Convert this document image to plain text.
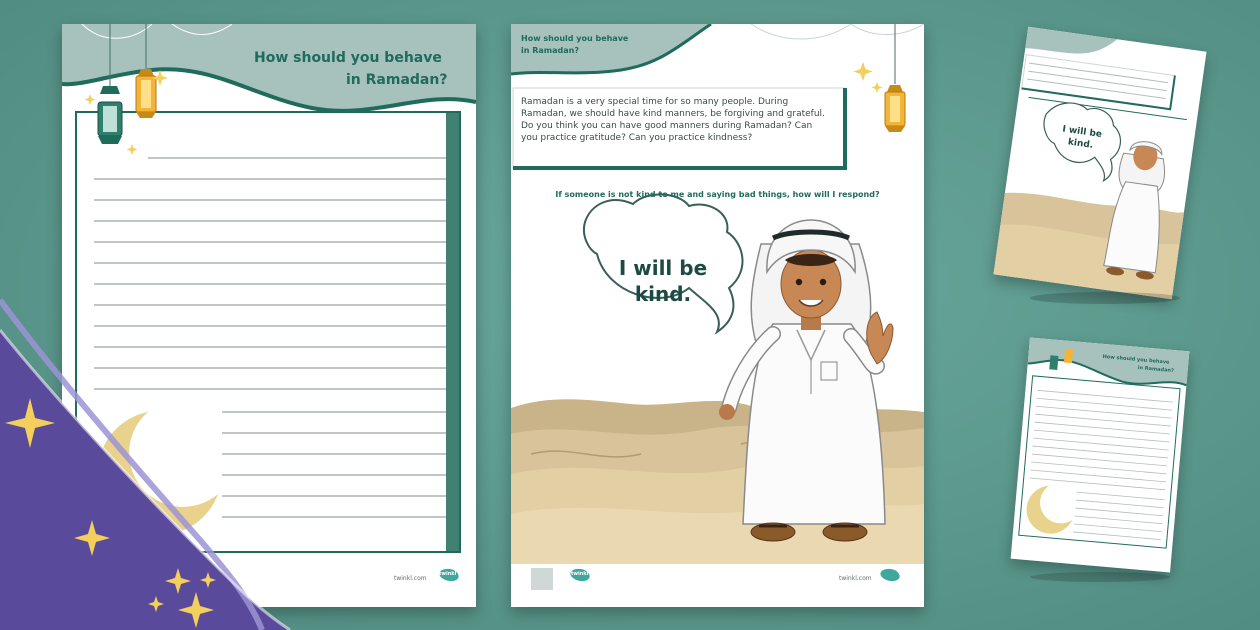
How should you behave

in Ramadan?

twinkl.com

twinkl

How should you behave

in Ramadan?

Ramadan is a very special time for so many people. During Ramadan, we should have kind manners, be forgiving and grateful. Do you think you can have good manners during Ramadan? Can you practice gratitude? Can you practice kindness?

If someone is not kind to me and saying bad things, how will I respond?

I will be

kind.

twinkl.com

twinkl

I will be

kind.

How should you behave

in Ramadan?
